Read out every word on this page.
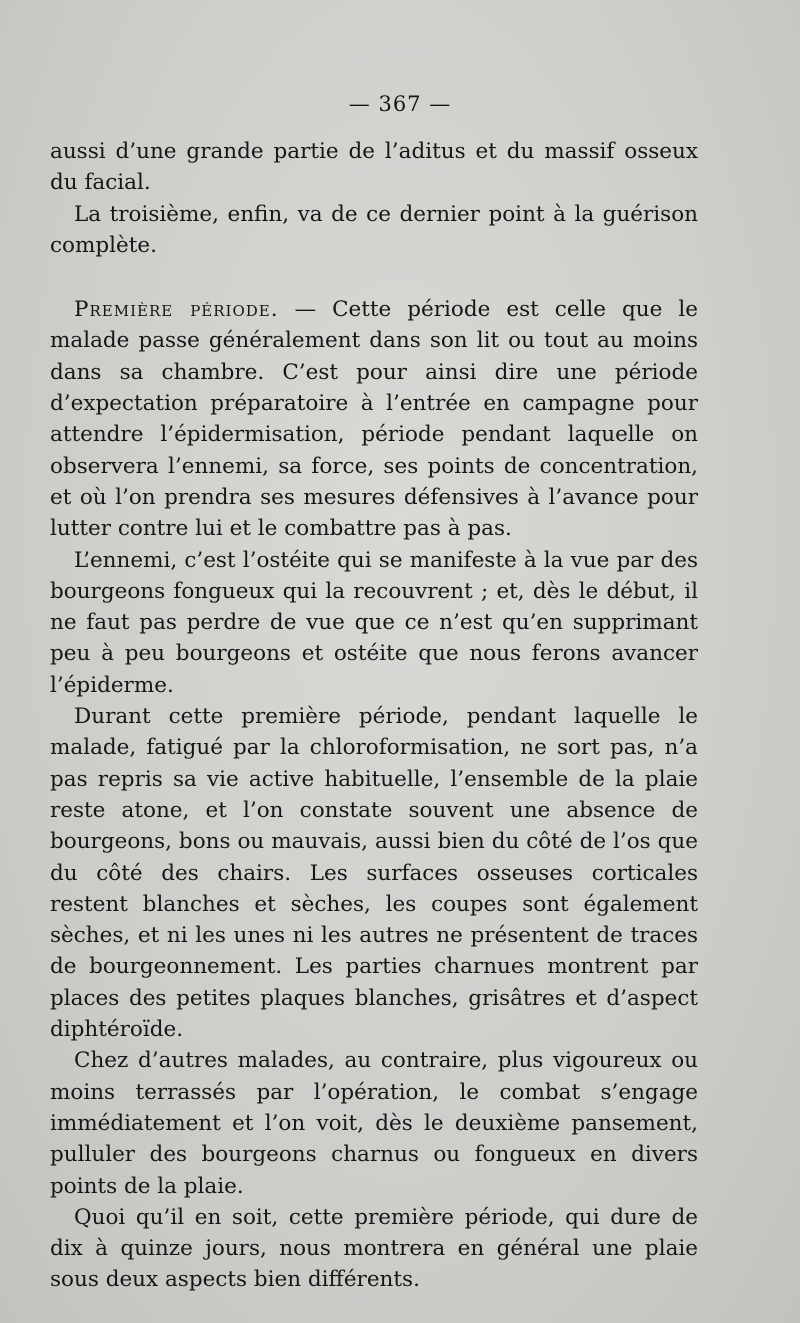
— 367 —

aussi d’une grande partie de l’aditus et du massif osseux du facial.

La troisième, enfin, va de ce dernier point à la guérison complète.

Première période. — Cette période est celle que le malade passe généralement dans son lit ou tout au moins dans sa chambre. C’est pour ainsi dire une période d’expectation préparatoire à l’entrée en campagne pour attendre l’épidermisation, période pendant laquelle on observera l’ennemi, sa force, ses points de concentration, et où l’on prendra ses mesures défensives à l’avance pour lutter contre lui et le combattre pas à pas.

L’ennemi, c’est l’ostéite qui se manifeste à la vue par des bourgeons fongueux qui la recouvrent ; et, dès le début, il ne faut pas perdre de vue que ce n’est qu’en supprimant peu à peu bourgeons et ostéite que nous ferons avancer l’épiderme.

Durant cette première période, pendant laquelle le malade, fatigué par la chloroformisation, ne sort pas, n’a pas repris sa vie active habituelle, l’ensemble de la plaie reste atone, et l’on constate souvent une absence de bourgeons, bons ou mauvais, aussi bien du côté de l’os que du côté des chairs. Les surfaces osseuses corticales restent blanches et sèches, les coupes sont également sèches, et ni les unes ni les autres ne présentent de traces de bourgeonnement. Les parties charnues montrent par places des petites plaques blanches, grisâtres et d’aspect diphtéroïde.

Chez d’autres malades, au contraire, plus vigoureux ou moins terrassés par l’opération, le combat s’engage immédiatement et l’on voit, dès le deuxième pansement, pulluler des bourgeons charnus ou fongueux en divers points de la plaie.

Quoi qu’il en soit, cette première période, qui dure de dix à quinze jours, nous montrera en général une plaie sous deux aspects bien différents.
